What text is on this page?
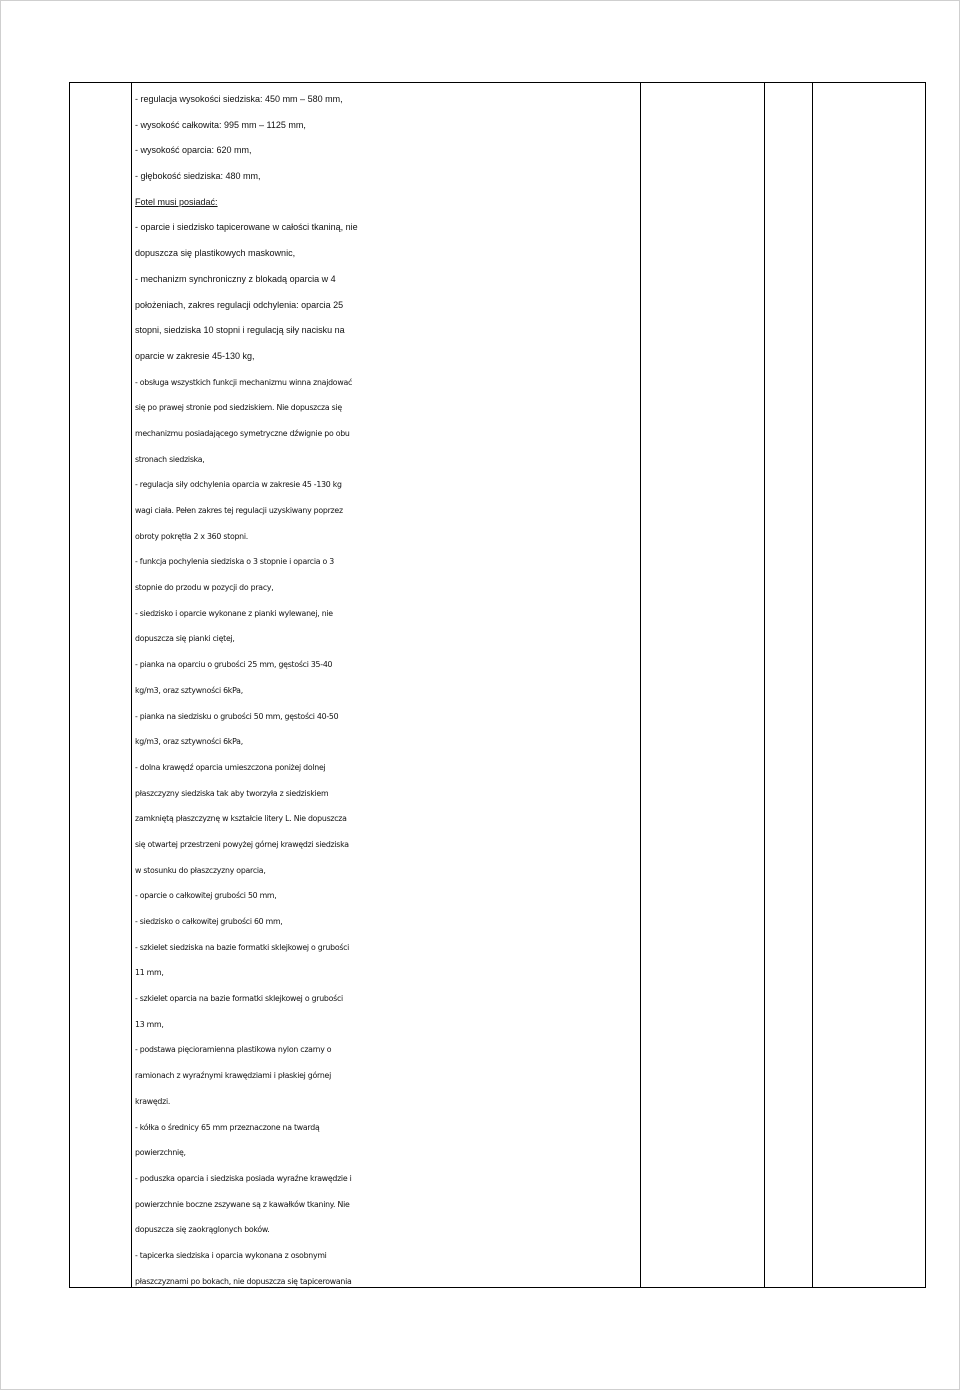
- regulacja wysokości siedziska: 450 mm – 580 mm,
- wysokość całkowita: 995 mm – 1125 mm,
- wysokość oparcia: 620 mm,
- głębokość siedziska: 480 mm,
Fotel musi posiadać:
- oparcie i siedzisko tapicerowane w całości tkaniną, nie
dopuszcza się plastikowych maskownic,
- mechanizm synchroniczny z blokadą oparcia w 4
położeniach, zakres regulacji odchylenia: oparcia 25
stopni, siedziska 10 stopni i regulacją siły nacisku na
oparcie w zakresie 45-130 kg,
- obsługa wszystkich funkcji mechanizmu winna znajdować
się po prawej stronie pod siedziskiem. Nie dopuszcza się
mechanizmu posiadającego symetryczne dźwignie po obu
stronach siedziska,
- regulacja siły odchylenia oparcia w zakresie 45 -130 kg
wagi ciała. Pełen zakres tej regulacji uzyskiwany poprzez
obroty pokrętła 2 x 360 stopni.
- funkcja pochylenia siedziska o 3 stopnie i oparcia o 3
stopnie do przodu w pozycji do pracy,
- siedzisko i oparcie wykonane z pianki wylewanej, nie
dopuszcza się pianki ciętej,
- pianka na oparciu o grubości 25 mm, gęstości 35-40
kg/m3, oraz sztywności 6kPa,
- pianka na siedzisku o grubości 50 mm, gęstości 40-50
kg/m3, oraz sztywności 6kPa,
- dolna krawędź oparcia umieszczona poniżej dolnej
płaszczyzny siedziska tak aby tworzyła z siedziskiem
zamkniętą płaszczyznę w kształcie litery L. Nie dopuszcza
się otwartej przestrzeni powyżej górnej krawędzi siedziska
w stosunku do płaszczyzny oparcia,
- oparcie o całkowitej grubości 50 mm,
- siedzisko o całkowitej grubości 60 mm,
- szkielet siedziska na bazie formatki sklejkowej o grubości
11 mm,
- szkielet oparcia na bazie formatki sklejkowej o grubości
13 mm,
- podstawa pięcioramienna plastikowa nylon czarny o
ramionach z wyraźnymi krawędziami i płaskiej górnej
krawędzi.
- kółka o średnicy 65 mm przeznaczone na twardą
powierzchnię,
- poduszka oparcia i siedziska posiada wyraźne krawędzie i
powierzchnie boczne zszywane są z kawałków tkaniny. Nie
dopuszcza się zaokrąglonych boków.
- tapicerka siedziska i oparcia wykonana z osobnymi
płaszczyznami po bokach, nie dopuszcza się tapicerowania
